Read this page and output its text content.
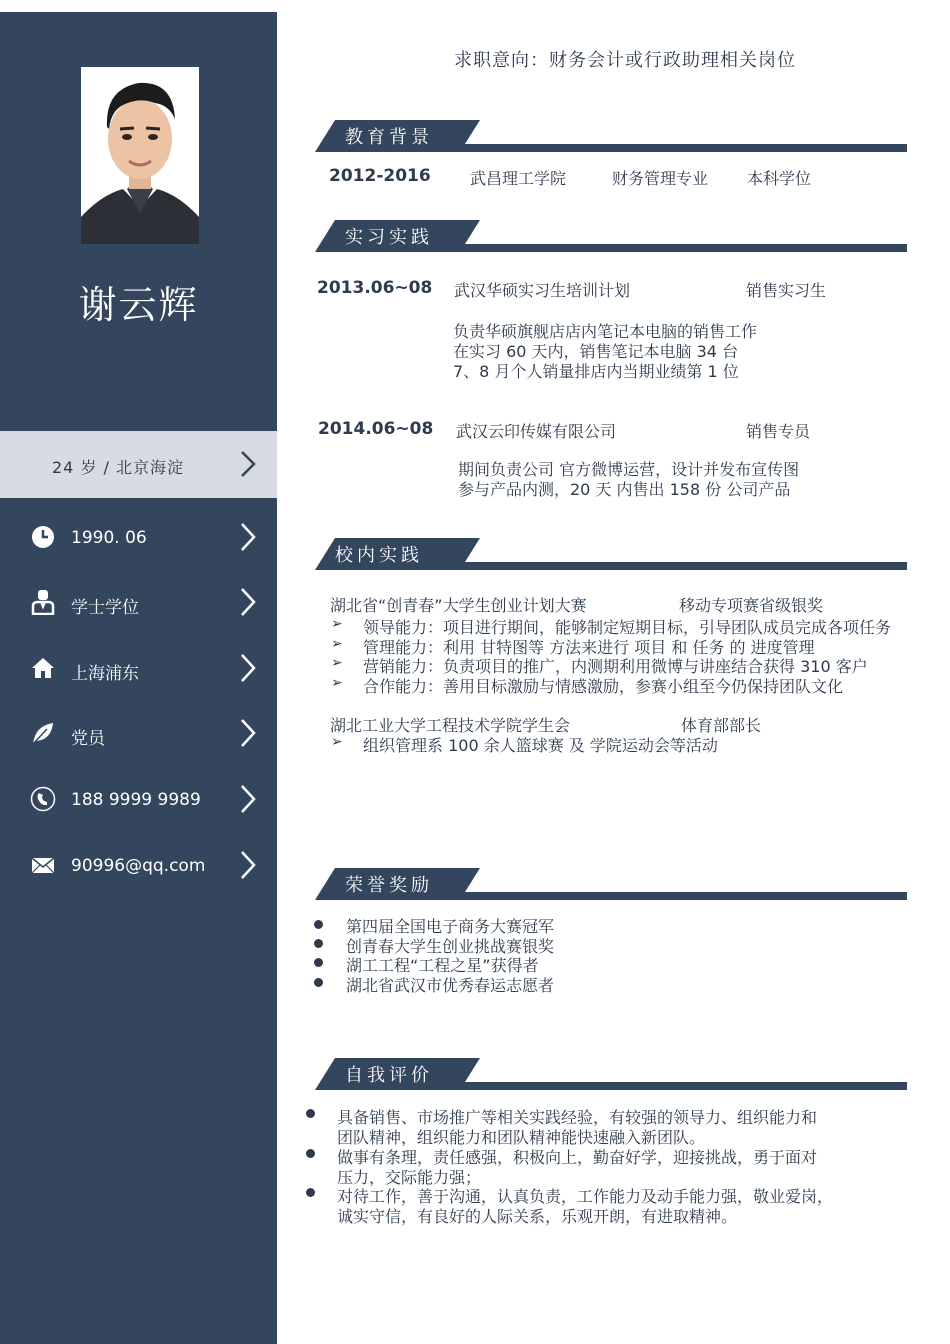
谢云辉
24 岁 / 北京海淀
1990. 06
学士学位
上海浦东
党员
188 9999 9989
90996@qq.com
求职意向：财务会计或行政助理相关岗位
教育背景
2012-2016 武昌理工学院	财务管理专业 本科学位
实习实践
2013.06~08 武汉华硕实习生培训计划	销售实习生
负责华硕旗舰店店内笔记本电脑的销售工作
在实习 60 天内，销售笔记本电脑 34 台
7、8 月个人销量排店内当期业绩第 1 位
2014.06~08 武汉云印传媒有限公司	销售专员
期间负责公司 官方微博运营，设计并发布宣传图
参与产品内测，20 天 内售出 158 份 公司产品
校内实践
湖北省“创青春”大学生创业计划大赛	移动专项赛省级银奖
➢ 领导能力：项目进行期间，能够制定短期目标，引导团队成员完成各项任务
➢ 管理能力：利用 甘特图等 方法来进行 项目 和 任务 的 进度管理
➢ 营销能力：负责项目的推广，内测期利用微博与讲座结合获得 310 客户
➢ 合作能力：善用目标激励与情感激励，参赛小组至今仍保持团队文化
湖北工业大学工程技术学院学生会	体育部部长
➢ 组织管理系 100 余人篮球赛 及 学院运动会等活动
荣誉奖励
第四届全国电子商务大赛冠军
创青春大学生创业挑战赛银奖
湖工工程“工程之星”获得者
湖北省武汉市优秀春运志愿者
自我评价
具备销售、市场推广等相关实践经验，有较强的领导力、组织能力和
团队精神，组织能力和团队精神能快速融入新团队。
做事有条理，责任感强，积极向上，勤奋好学，迎接挑战，勇于面对
压力，交际能力强；
对待工作，善于沟通，认真负责，工作能力及动手能力强，敬业爱岗，
诚实守信，有良好的人际关系，乐观开朗，有进取精神。
